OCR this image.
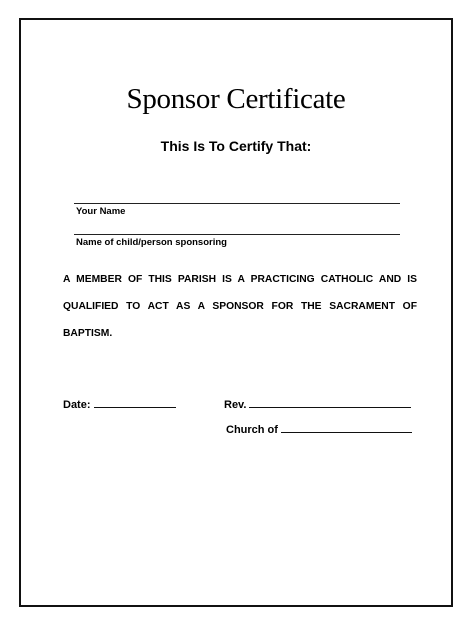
Sponsor Certificate

This Is To Certify That:

Your Name
Name of child/person sponsoring

A MEMBER OF THIS PARISH IS A PRACTICING CATHOLIC AND IS QUALIFIED TO ACT AS A SPONSOR FOR THE SACRAMENT OF BAPTISM.

Date:	Rev.
Church of
